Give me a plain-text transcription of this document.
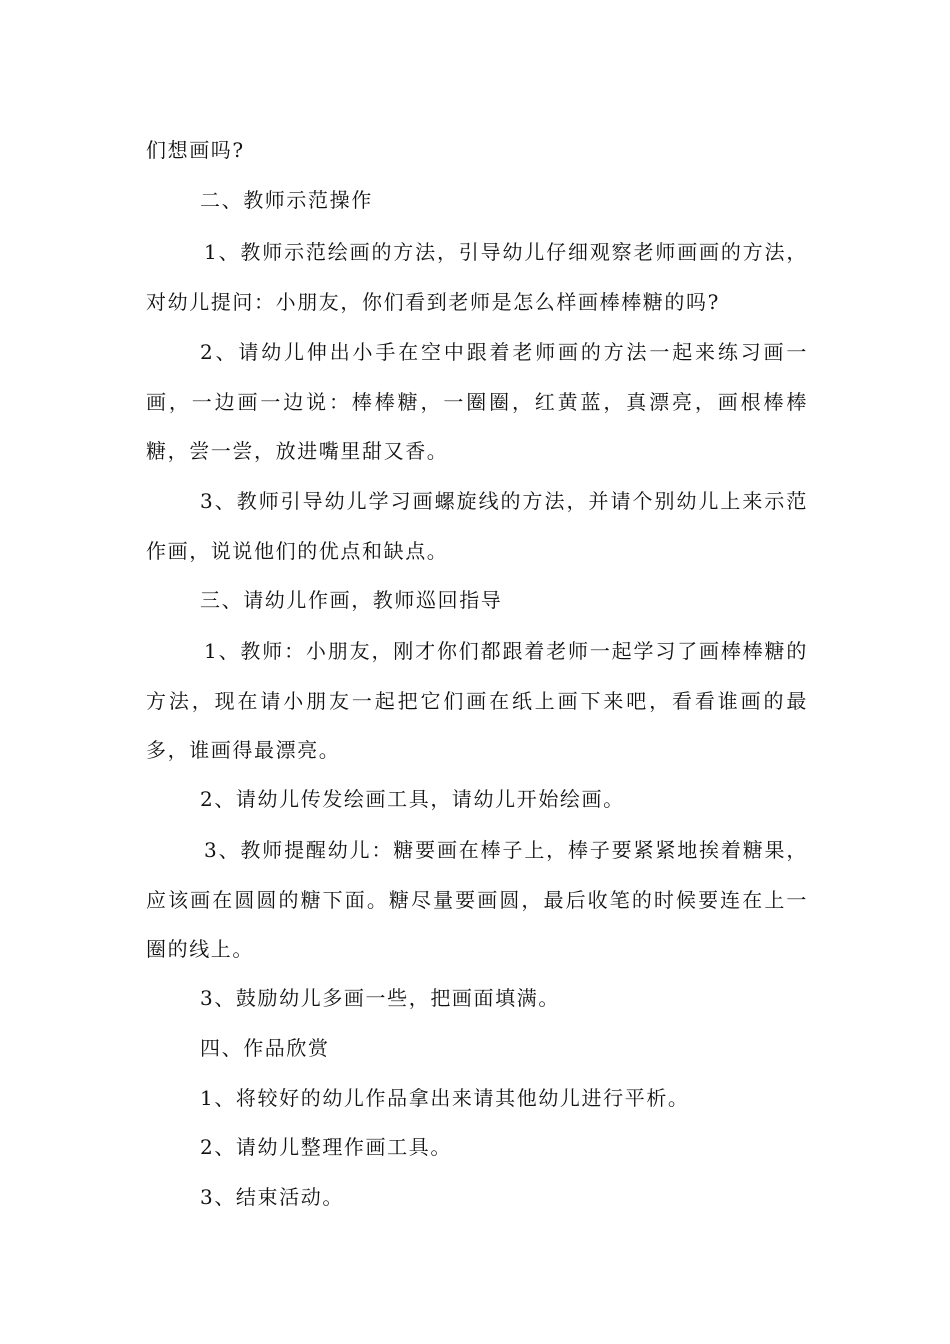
们想画吗?

二、教师示范操作

1、教师示范绘画的方法，引导幼儿仔细观察老师画画的方法，对幼儿提问：小朋友，你们看到老师是怎么样画棒棒糖的吗?

2、请幼儿伸出小手在空中跟着老师画的方法一起来练习画一画，一边画一边说：棒棒糖，一圈圈，红黄蓝，真漂亮，画根棒棒糖，尝一尝，放进嘴里甜又香。

3、教师引导幼儿学习画螺旋线的方法，并请个别幼儿上来示范作画，说说他们的优点和缺点。

三、请幼儿作画，教师巡回指导

1、教师：小朋友，刚才你们都跟着老师一起学习了画棒棒糖的方法，现在请小朋友一起把它们画在纸上画下来吧，看看谁画的最多，谁画得最漂亮。

2、请幼儿传发绘画工具，请幼儿开始绘画。

3、教师提醒幼儿：糖要画在棒子上，棒子要紧紧地挨着糖果，应该画在圆圆的糖下面。糖尽量要画圆，最后收笔的时候要连在上一圈的线上。

3、鼓励幼儿多画一些，把画面填满。

四、作品欣赏

1、将较好的幼儿作品拿出来请其他幼儿进行平析。

2、请幼儿整理作画工具。

3、结束活动。
